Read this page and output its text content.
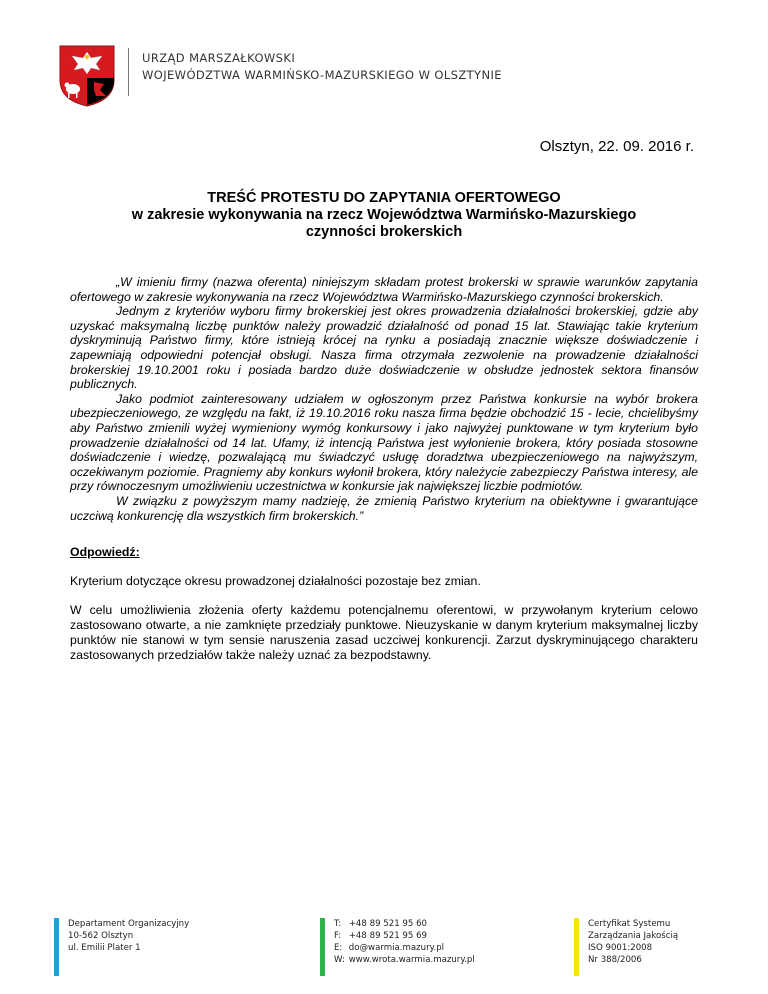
URZĄD MARSZAŁKOWSKI
WOJEWÓDZTWA WARMIŃSKO-MAZURSKIEGO W OLSZTYNIE
Olsztyn, 22. 09. 2016 r.
TREŚĆ PROTESTU DO ZAPYTANIA OFERTOWEGO
w zakresie wykonywania na rzecz Województwa Warmińsko-Mazurskiego
czynności brokerskich

„W imieniu firmy (nazwa oferenta) niniejszym składam protest brokerski w sprawie warunków zapytania ofertowego w zakresie wykonywania na rzecz Województwa Warmińsko-Mazurskiego czynności brokerskich.

Jednym z kryteriów wyboru firmy brokerskiej jest okres prowadzenia działalności brokerskiej, gdzie aby uzyskać maksymalną liczbę punktów należy prowadzić działalność od ponad 15 lat. Stawiając takie kryterium dyskryminują Państwo firmy, które istnieją krócej na rynku a posiadają znacznie większe doświadczenie i zapewniają odpowiedni potencjał obsługi. Nasza firma otrzymała zezwolenie na prowadzenie działalności brokerskiej 19.10.2001 roku i posiada bardzo duże doświadczenie w obsłudze jednostek sektora finansów publicznych.

Jako podmiot zainteresowany udziałem w ogłoszonym przez Państwa konkursie na wybór brokera ubezpieczeniowego, ze względu na fakt, iż 19.10.2016 roku nasza firma będzie obchodzić 15 - lecie, chcielibyśmy aby Państwo zmienili wyżej wymieniony wymóg konkursowy i jako najwyżej punktowane w tym kryterium było prowadzenie działalności od 14 lat. Ufamy, iż intencją Państwa jest wyłonienie brokera, który posiada stosowne doświadczenie i wiedzę, pozwalającą mu świadczyć usługę doradztwa ubezpieczeniowego na najwyższym, oczekiwanym poziomie. Pragniemy aby konkurs wyłonił brokera, który należycie zabezpieczy Państwa interesy, ale przy równoczesnym umożliwieniu uczestnictwa w konkursie jak największej liczbie podmiotów.

W związku z powyższym mamy nadzieję, że zmienią Państwo kryterium na obiektywne i gwarantujące uczciwą konkurencję dla wszystkich firm brokerskich.”

Odpowiedź:

Kryterium dotyczące okresu prowadzonej działalności pozostaje bez zmian.

W celu umożliwienia złożenia oferty każdemu potencjalnemu oferentowi, w przywołanym kryterium celowo zastosowano otwarte, a nie zamknięte przedziały punktowe. Nieuzyskanie w danym kryterium maksymalnej liczby punktów nie stanowi w tym sensie naruszenia zasad uczciwej konkurencji. Zarzut dyskryminującego charakteru zastosowanych przedziałów także należy uznać za bezpodstawny.

Departament Organizacyjny
10-562 Olsztyn
ul. Emilii Plater 1
T: +48 89 521 95 60
F: +48 89 521 95 69
E: do@warmia.mazury.pl
W: www.wrota.warmia.mazury.pl
Certyfikat Systemu
Zarządzania Jakością
ISO 9001:2008
Nr 388/2006
